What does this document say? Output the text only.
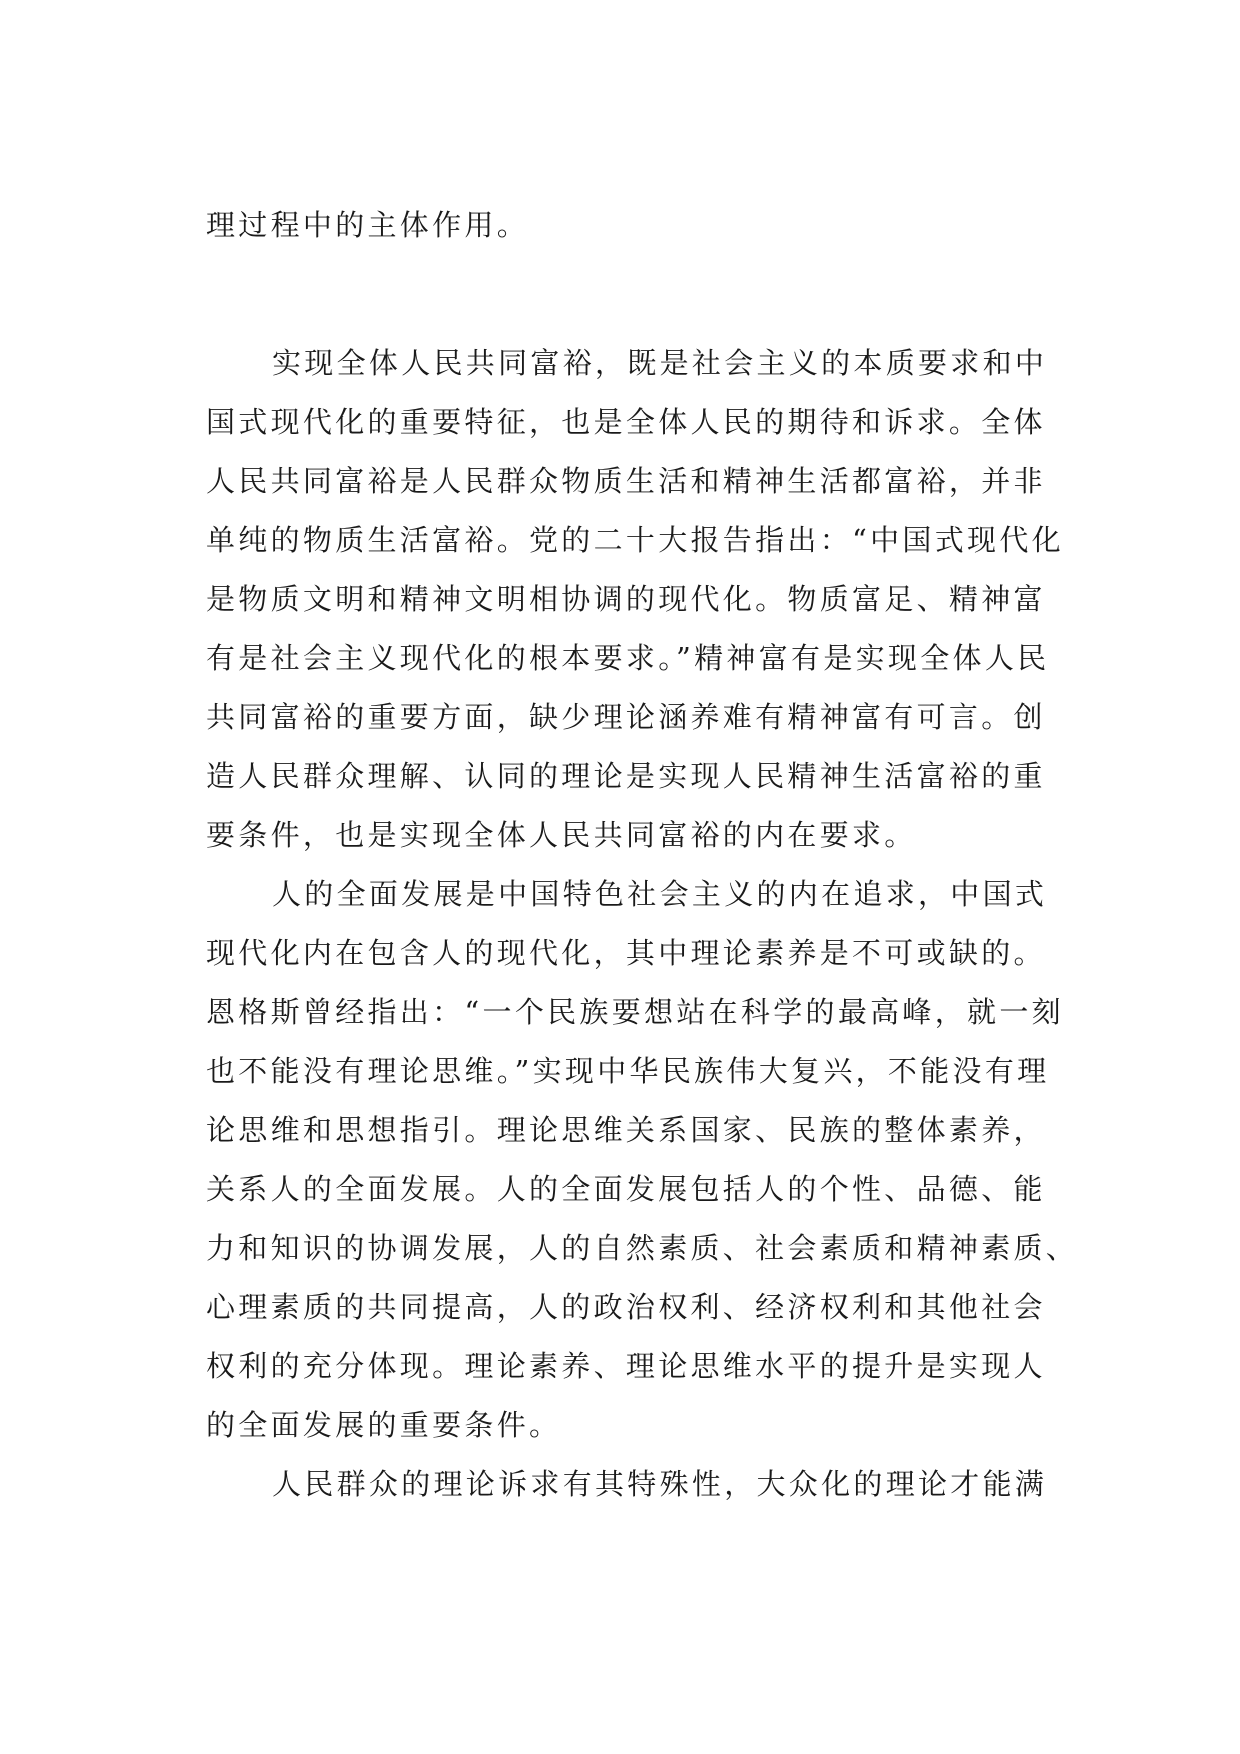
理过程中的主体作用。
实现全体人民共同富裕，既是社会主义的本质要求和中
国式现代化的重要特征，也是全体人民的期待和诉求。全体
人民共同富裕是人民群众物质生活和精神生活都富裕，并非
单纯的物质生活富裕。党的二十大报告指出：“中国式现代化
是物质文明和精神文明相协调的现代化。物质富足、精神富
有是社会主义现代化的根本要求。”精神富有是实现全体人民
共同富裕的重要方面，缺少理论涵养难有精神富有可言。创
造人民群众理解、认同的理论是实现人民精神生活富裕的重
要条件，也是实现全体人民共同富裕的内在要求。
人的全面发展是中国特色社会主义的内在追求，中国式
现代化内在包含人的现代化，其中理论素养是不可或缺的。
恩格斯曾经指出：“一个民族要想站在科学的最高峰，就一刻
也不能没有理论思维。”实现中华民族伟大复兴，不能没有理
论思维和思想指引。理论思维关系国家、民族的整体素养，
关系人的全面发展。人的全面发展包括人的个性、品德、能
力和知识的协调发展，人的自然素质、社会素质和精神素质、
心理素质的共同提高，人的政治权利、经济权利和其他社会
权利的充分体现。理论素养、理论思维水平的提升是实现人
的全面发展的重要条件。
人民群众的理论诉求有其特殊性，大众化的理论才能满
